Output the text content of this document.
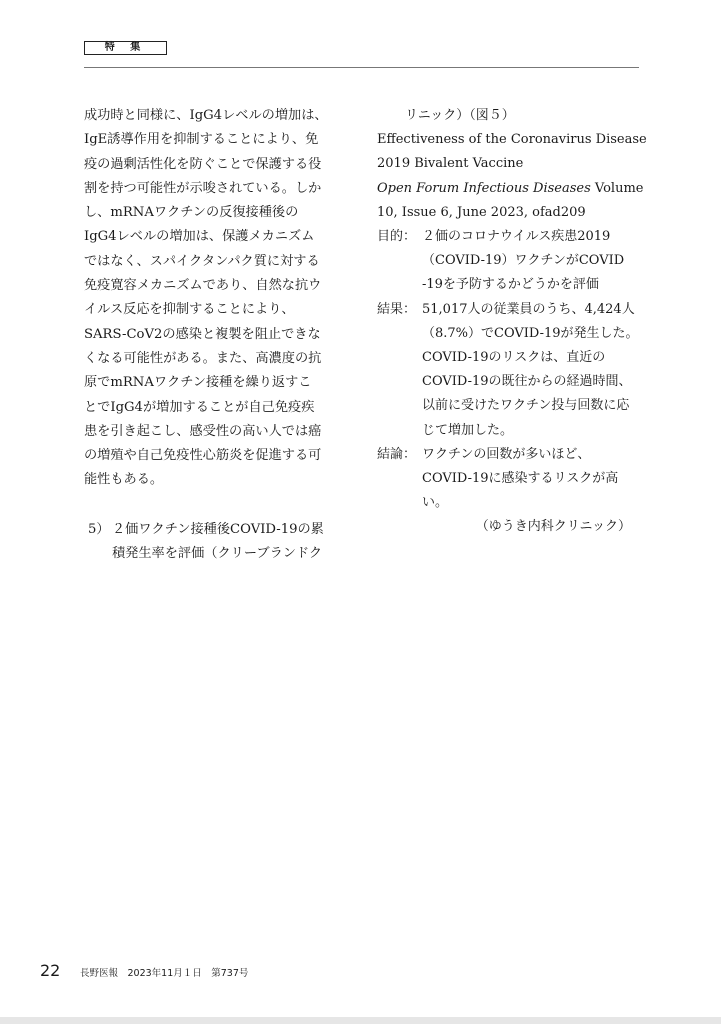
特 集
成功時と同様に、IgG4レベルの増加は、
IgE誘導作用を抑制することにより、免
疫の過剰活性化を防ぐことで保護する役
割を持つ可能性が示唆されている。しか
し、mRNAワクチンの反復接種後の
IgG4レベルの増加は、保護メカニズム
ではなく、スパイクタンパク質に対する
免疫寛容メカニズムであり、自然な抗ウ
イルス反応を抑制することにより、
SARS-CoV2の感染と複製を阻止できな
くなる可能性がある。また、高濃度の抗
原でmRNAワクチン接種を繰り返すこ
とでIgG4が増加することが自己免疫疾
患を引き起こし、感受性の高い人では癌
の増殖や自己免疫性心筋炎を促進する可
能性もある。
5） ２価ワクチン接種後COVID-19の累
積発生率を評価（クリーブランドク
リニック）（図５）
Effectiveness of the Coronavirus Disease
2019 Bivalent Vaccine
Open Forum Infectious Diseases Volume
10, Issue 6, June 2023, ofad209
目的： ２価のコロナウイルス疾患2019
（COVID-19）ワクチンがCOVID
-19を予防するかどうかを評価
結果： 51,017人の従業員のうち、4,424人
（8.7%）でCOVID-19が発生した。
COVID-19のリスクは、直近の
COVID-19の既往からの経過時間、
以前に受けたワクチン投与回数に応
じて増加した。
結論： ワクチンの回数が多いほど、
COVID-19に感染するリスクが高
い。
（ゆうき内科クリニック）
22 長野医報　2023年11月１日　第737号
